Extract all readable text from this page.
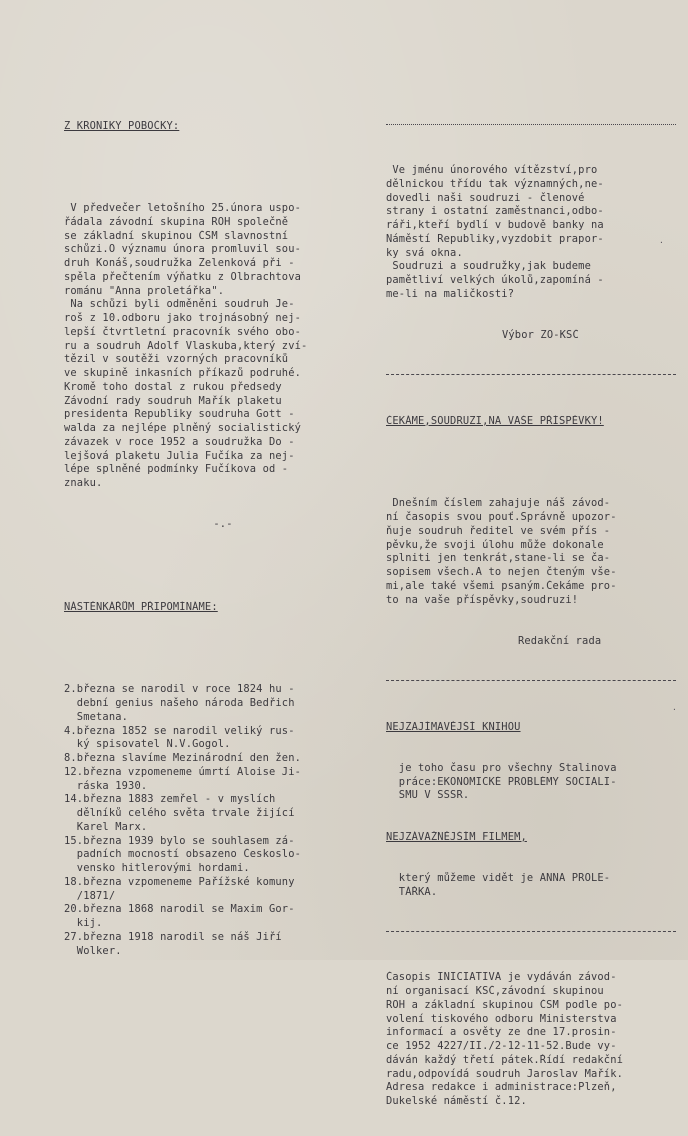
Z KRONIKY POBOČKY:

V předvečer letošního 25.února uspo-
řádala závodní skupina ROH společně
se základní skupinou ČSM slavnostní
schůzi.O významu února promluvil sou-
druh Konáš,soudružka Zelenková při -
spěla přečtením výňatku z Olbrachtova
románu "Anna proletářka".
Na schůzi byli odměněni soudruh Je-
roš z 10.odboru jako trojnásobný nej-
lepší čtvrtletní pracovník svého obo-
ru a soudruh Adolf Vlaskuba,který zví-
tězil v soutěži vzorných pracovníků
ve skupině inkasních příkazů podruhé.
Kromě toho dostal z rukou předsedy
Závodní rady soudruh Mařík plaketu
presidenta Republiky soudruha Gott -
walda za nejlépe plněný socialistický
závazek v roce 1952 a soudružka Do -
lejšová plaketu Julia Fučíka za nej-
lépe splněné podmínky Fučíkova od -
znaku.

-.-

NÁSTĚNKÁŘŮM PŘIPOMÍNÁME:

2.března se narodil v roce 1824 hu -
dební genius našeho národa Bedřich
Smetana.
4.března 1852 se narodil veliký rus-
ký spisovatel N.V.Gogol.
8.března slavíme Mezinárodní den žen.
12.března vzpomeneme úmrtí Aloise Ji-
ráska 1930.
14.března 1883 zemřel - v myslích
dělníků celého světa trvale žijící
Karel Marx.
15.března 1939 bylo se souhlasem zá-
padních mocností obsazeno Českoslo-
vensko hitlerovými hordami.
18.března vzpomeneme Pařížské komuny
/1871/
20.března 1868 narodil se Maxim Gor-
kij.
27.března 1918 narodil se náš Jiří
Wolker.

Ve jménu únorového vítězství,pro
dělnickou třídu tak významných,ne-
dovedli naši soudruzi - členové
strany i ostatní zaměstnanci,odbo-
ráři,kteří bydlí v budově banky na
Náměstí Republiky,vyzdobit prapor-
ky svá okna.
Soudruzi a soudružky,jak budeme
pamětliví velkých úkolů,zapomíná -
me-li na maličkosti?

Výbor ZO-KSČ

ČEKÁME,SOUDRUZI,NA VAŠE PŘÍSPĚVKY!

Dnešním číslem zahajuje náš závod-
ní časopis svou pouť.Správně upozor-
ňuje soudruh ředitel ve svém přís -
pěvku,že svoji úlohu může dokonale
splniti jen tenkrát,stane-li se ča-
sopisem všech.A to nejen čteným vše-
mi,ale také všemi psaným.Čekáme pro-
to na vaše příspěvky,soudruzi!

Redakční rada

NEJZAJÍMAVĚJŠÍ KNIHOU

je toho času pro všechny Stalinova
práce:EKONOMICKÉ PROBLÉMY SOCIALI-
SMU V SSSR.

NEJZÁVAŽNĚJŠÍM FILMEM,

který můžeme vidět je ANNA PROLE-
TÁŘKA.

Časopis INICIATIVA je vydáván závod-
ní organisací KSČ,závodní skupinou
ROH a základní skupinou ČSM podle po-
volení tiskového odboru Ministerstva
informací a osvěty ze dne 17.prosin-
ce 1952 4227/II./2-12-11-52.Bude vy-
dáván každý třetí pátek.Řídí redakční
radu,odpovídá soudruh Jaroslav Mařík.
Adresa redakce i administrace:Plzeň,
Dukelské náměstí č.12.

·
·
